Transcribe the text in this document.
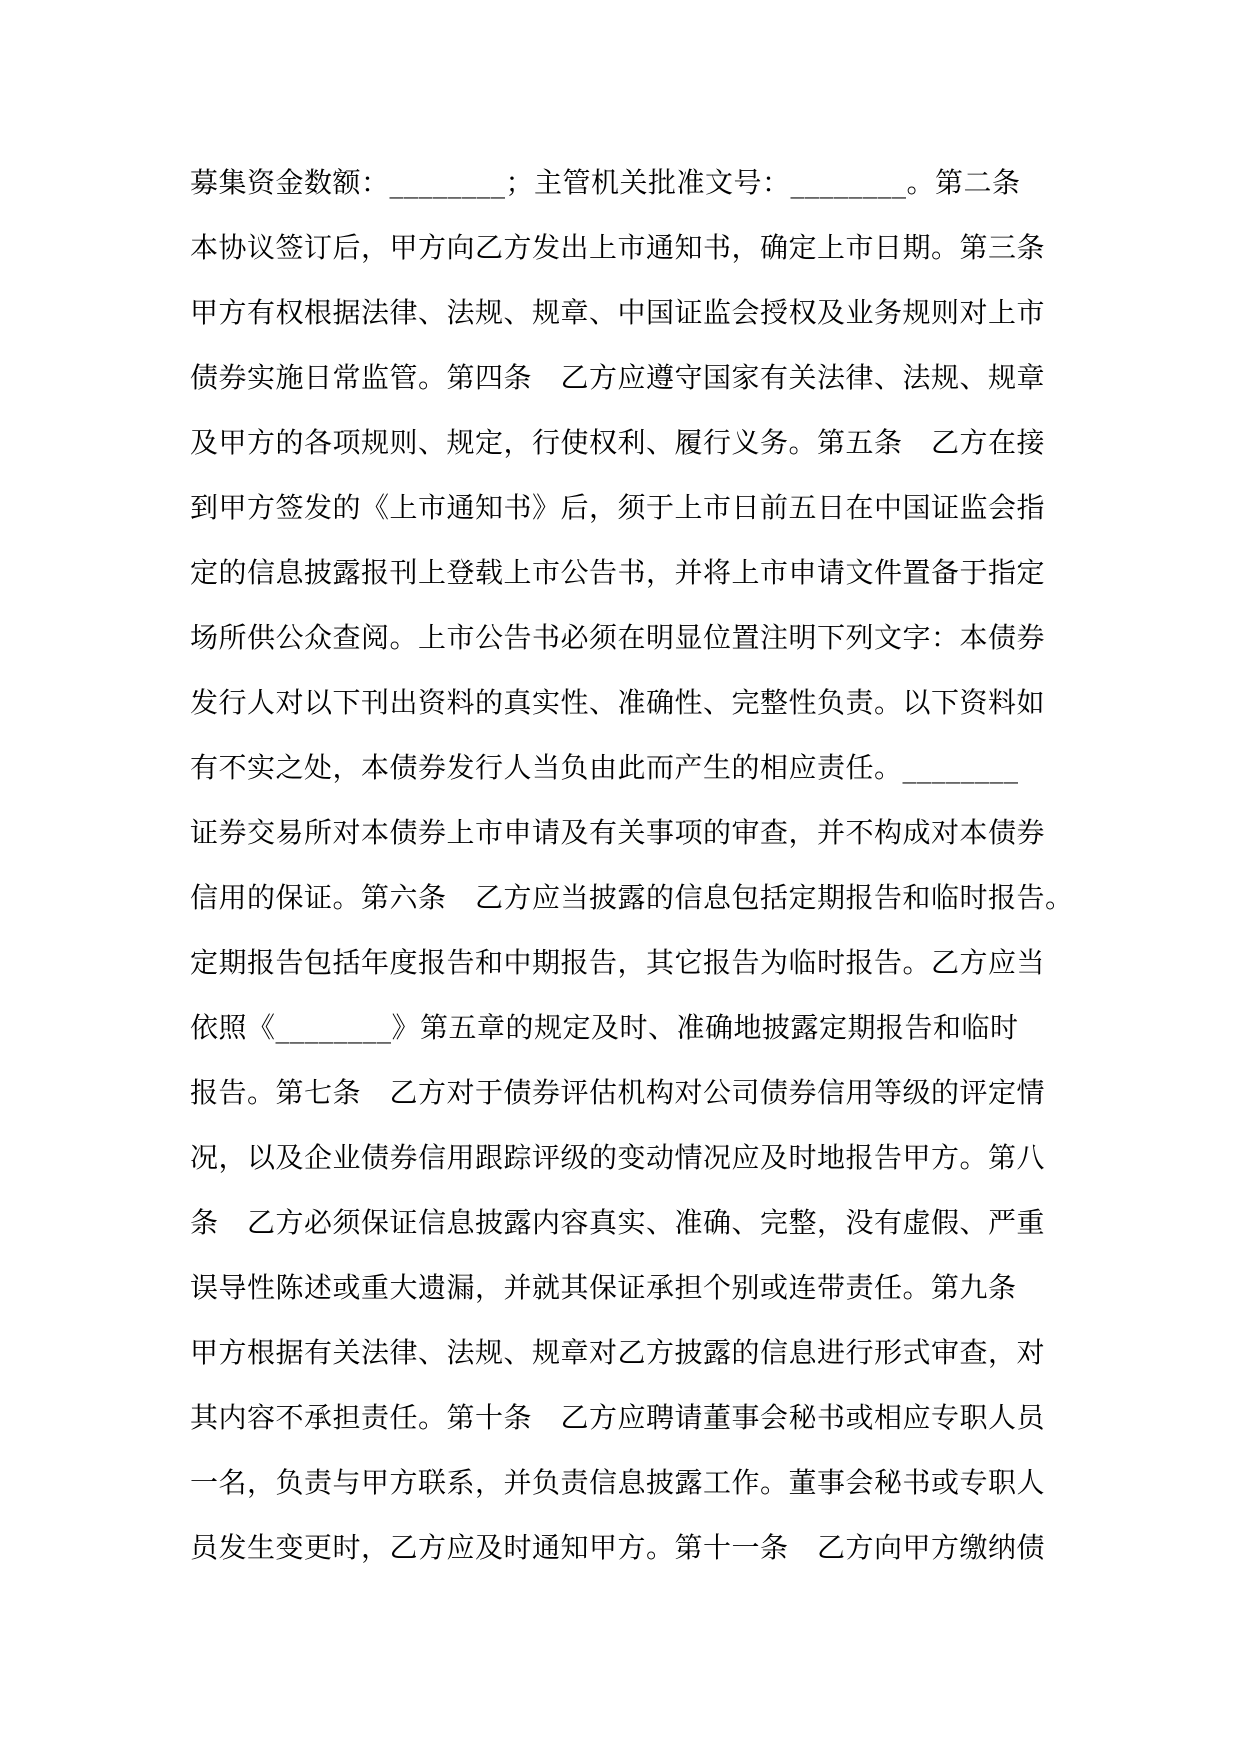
募集资金数额：________；主管机关批准文号：________。第二条
本协议签订后，甲方向乙方发出上市通知书，确定上市日期。第三条
甲方有权根据法律、法规、规章、中国证监会授权及业务规则对上市
债券实施日常监管。第四条　乙方应遵守国家有关法律、法规、规章
及甲方的各项规则、规定，行使权利、履行义务。第五条　乙方在接
到甲方签发的《上市通知书》后，须于上市日前五日在中国证监会指
定的信息披露报刊上登载上市公告书，并将上市申请文件置备于指定
场所供公众查阅。上市公告书必须在明显位置注明下列文字：本债券
发行人对以下刊出资料的真实性、准确性、完整性负责。以下资料如
有不实之处，本债券发行人当负由此而产生的相应责任。________
证券交易所对本债券上市申请及有关事项的审查，并不构成对本债券
信用的保证。第六条　乙方应当披露的信息包括定期报告和临时报告。
定期报告包括年度报告和中期报告，其它报告为临时报告。乙方应当
依照《________》第五章的规定及时、准确地披露定期报告和临时
报告。第七条　乙方对于债券评估机构对公司债券信用等级的评定情
况，以及企业债券信用跟踪评级的变动情况应及时地报告甲方。第八
条　乙方必须保证信息披露内容真实、准确、完整，没有虚假、严重
误导性陈述或重大遗漏，并就其保证承担个别或连带责任。第九条
甲方根据有关法律、法规、规章对乙方披露的信息进行形式审查，对
其内容不承担责任。第十条　乙方应聘请董事会秘书或相应专职人员
一名，负责与甲方联系，并负责信息披露工作。董事会秘书或专职人
员发生变更时，乙方应及时通知甲方。第十一条　乙方向甲方缴纳债
